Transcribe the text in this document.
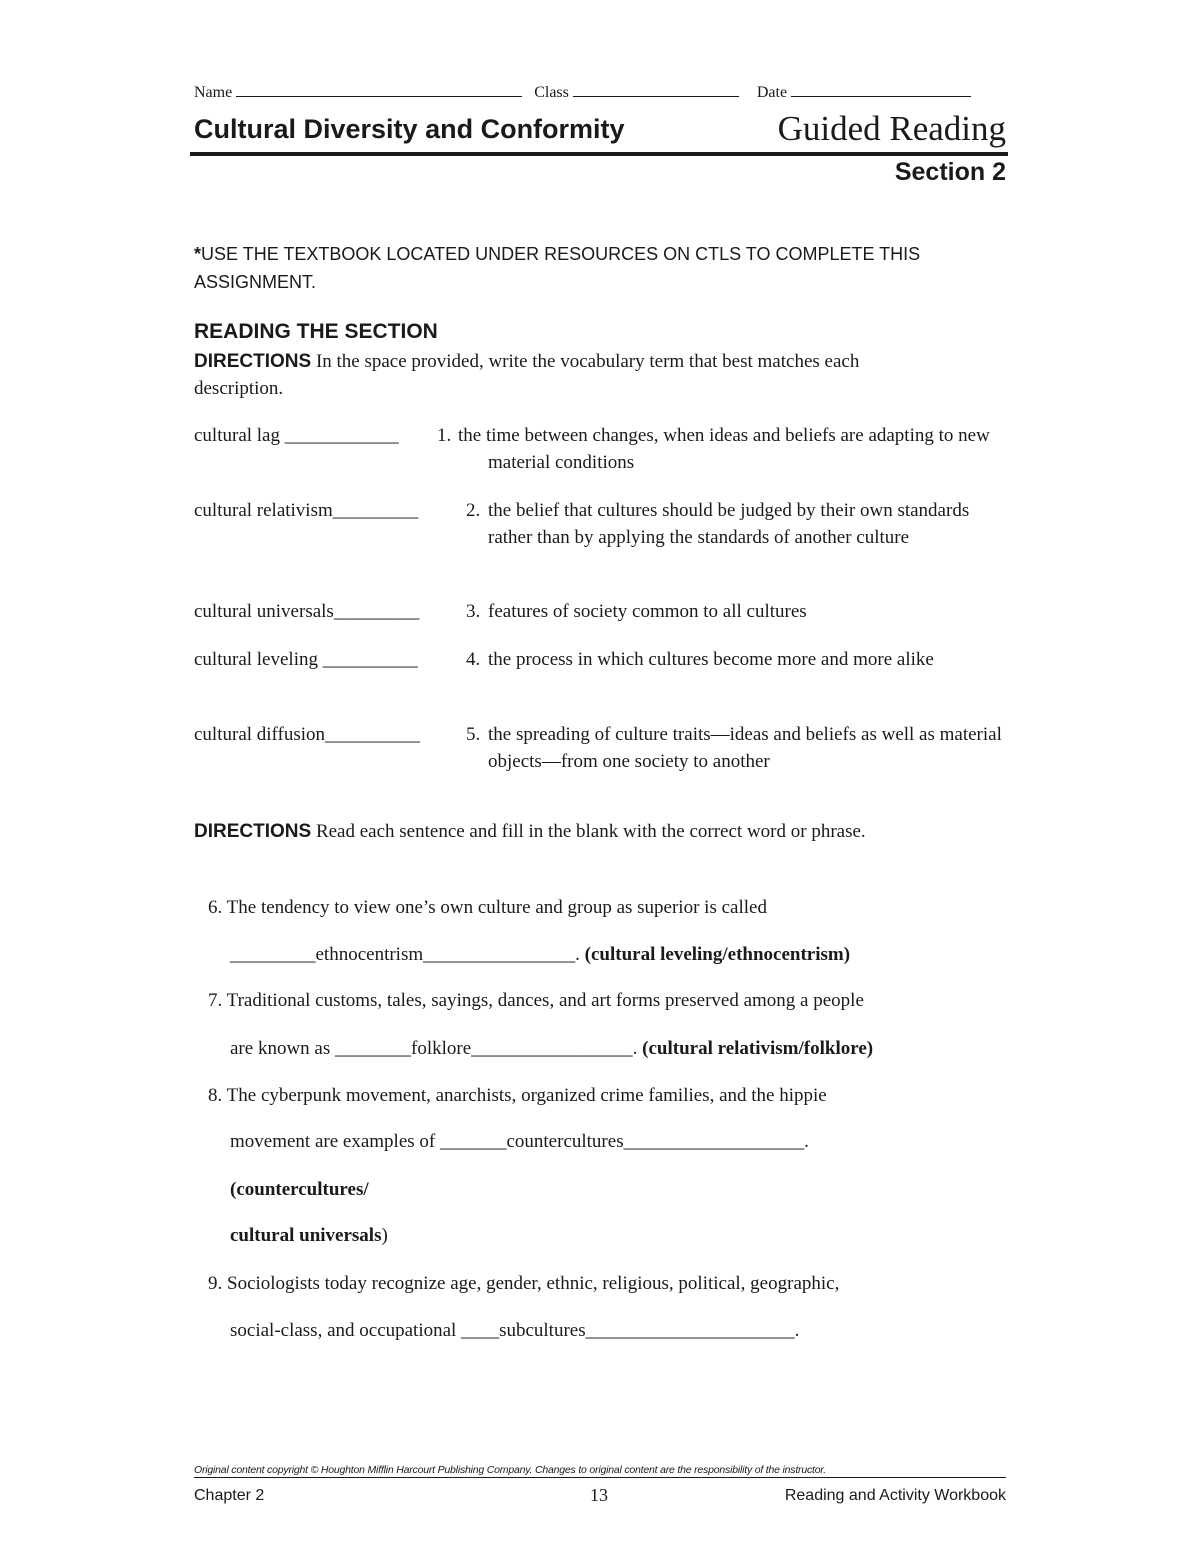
Name	Class	Date
Cultural Diversity and Conformity	Guided Reading
Section 2
*USE THE TEXTBOOK LOCATED UNDER RESOURCES ON CTLS TO COMPLETE THIS ASSIGNMENT.
READING THE SECTION
DIRECTIONS In the space provided, write the vocabulary term that best matches each description.
cultural lag ____________ 1. the time between changes, when ideas and beliefs are adapting to new material conditions
cultural relativism_________	2. the belief that cultures should be judged by their own standards rather than by applying the standards of another culture
cultural universals_________ 3. features of society common to all cultures
cultural leveling __________	4. the process in which cultures become more and more alike
cultural diffusion__________ 5. the spreading of culture traits—ideas and beliefs as well as material objects—from one society to another
DIRECTIONS Read each sentence and fill in the blank with the correct word or phrase.
6. The tendency to view one’s own culture and group as superior is called
_________ethnocentrism________________. (cultural leveling/ethnocentrism)
7. Traditional customs, tales, sayings, dances, and art forms preserved among a people
are known as ________folklore_________________. (cultural relativism/folklore)
8. The cyberpunk movement, anarchists, organized crime families, and the hippie
movement are examples of _______countercultures___________________.
(countercultures/
cultural universals)
9. Sociologists today recognize age, gender, ethnic, religious, political, geographic,
social-class, and occupational ____subcultures______________________.
Original content copyright © Houghton Mifflin Harcourt Publishing Company. Changes to original content are the responsibility of the instructor.
Chapter 2	13	Reading and Activity Workbook
